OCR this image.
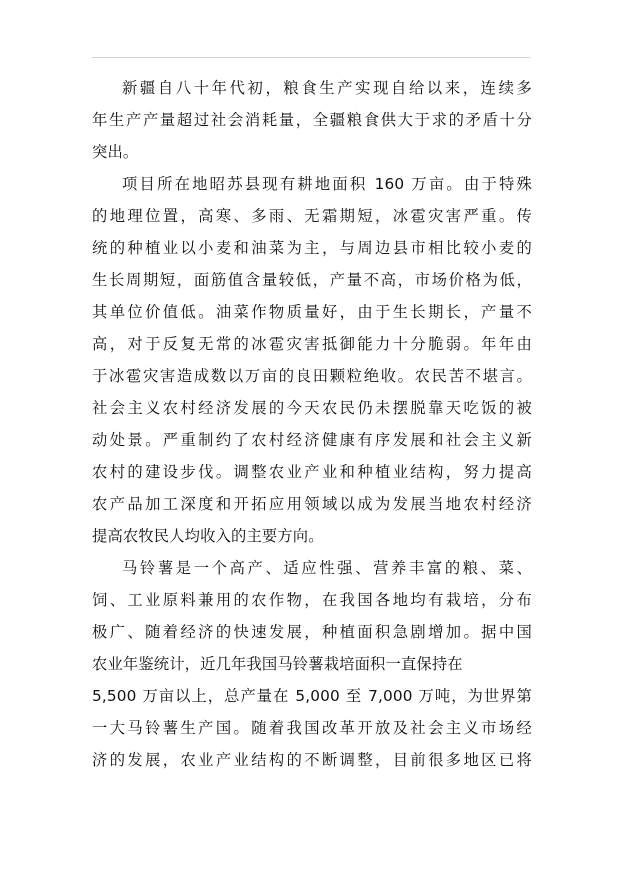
新疆自八十年代初，粮食生产实现自给以来，连续多
年生产产量超过社会消耗量，全疆粮食供大于求的矛盾十分
突出。
项目所在地昭苏县现有耕地面积 160 万亩。由于特殊
的地理位置，高寒、多雨、无霜期短，冰雹灾害严重。传
统的种植业以小麦和油菜为主，与周边县市相比较小麦的
生长周期短，面筋值含量较低，产量不高，市场价格为低，
其单位价值低。油菜作物质量好，由于生长期长，产量不
高，对于反复无常的冰雹灾害抵御能力十分脆弱。年年由
于冰雹灾害造成数以万亩的良田颗粒绝收。农民苦不堪言。
社会主义农村经济发展的今天农民仍未摆脱靠天吃饭的被
动处景。严重制约了农村经济健康有序发展和社会主义新
农村的建设步伐。调整农业产业和种植业结构，努力提高
农产品加工深度和开拓应用领域以成为发展当地农村经济
提高农牧民人均收入的主要方向。
马铃薯是一个高产、适应性强、营养丰富的粮、菜、
饲、工业原料兼用的农作物，在我国各地均有栽培，分布
极广、随着经济的快速发展，种植面积急剧增加。据中国
农业年鉴统计，近几年我国马铃薯栽培面积一直保持在
5,500 万亩以上，总产量在 5,000 至 7,000 万吨，为世界第
一大马铃薯生产国。随着我国改革开放及社会主义市场经
济的发展，农业产业结构的不断调整，目前很多地区已将
